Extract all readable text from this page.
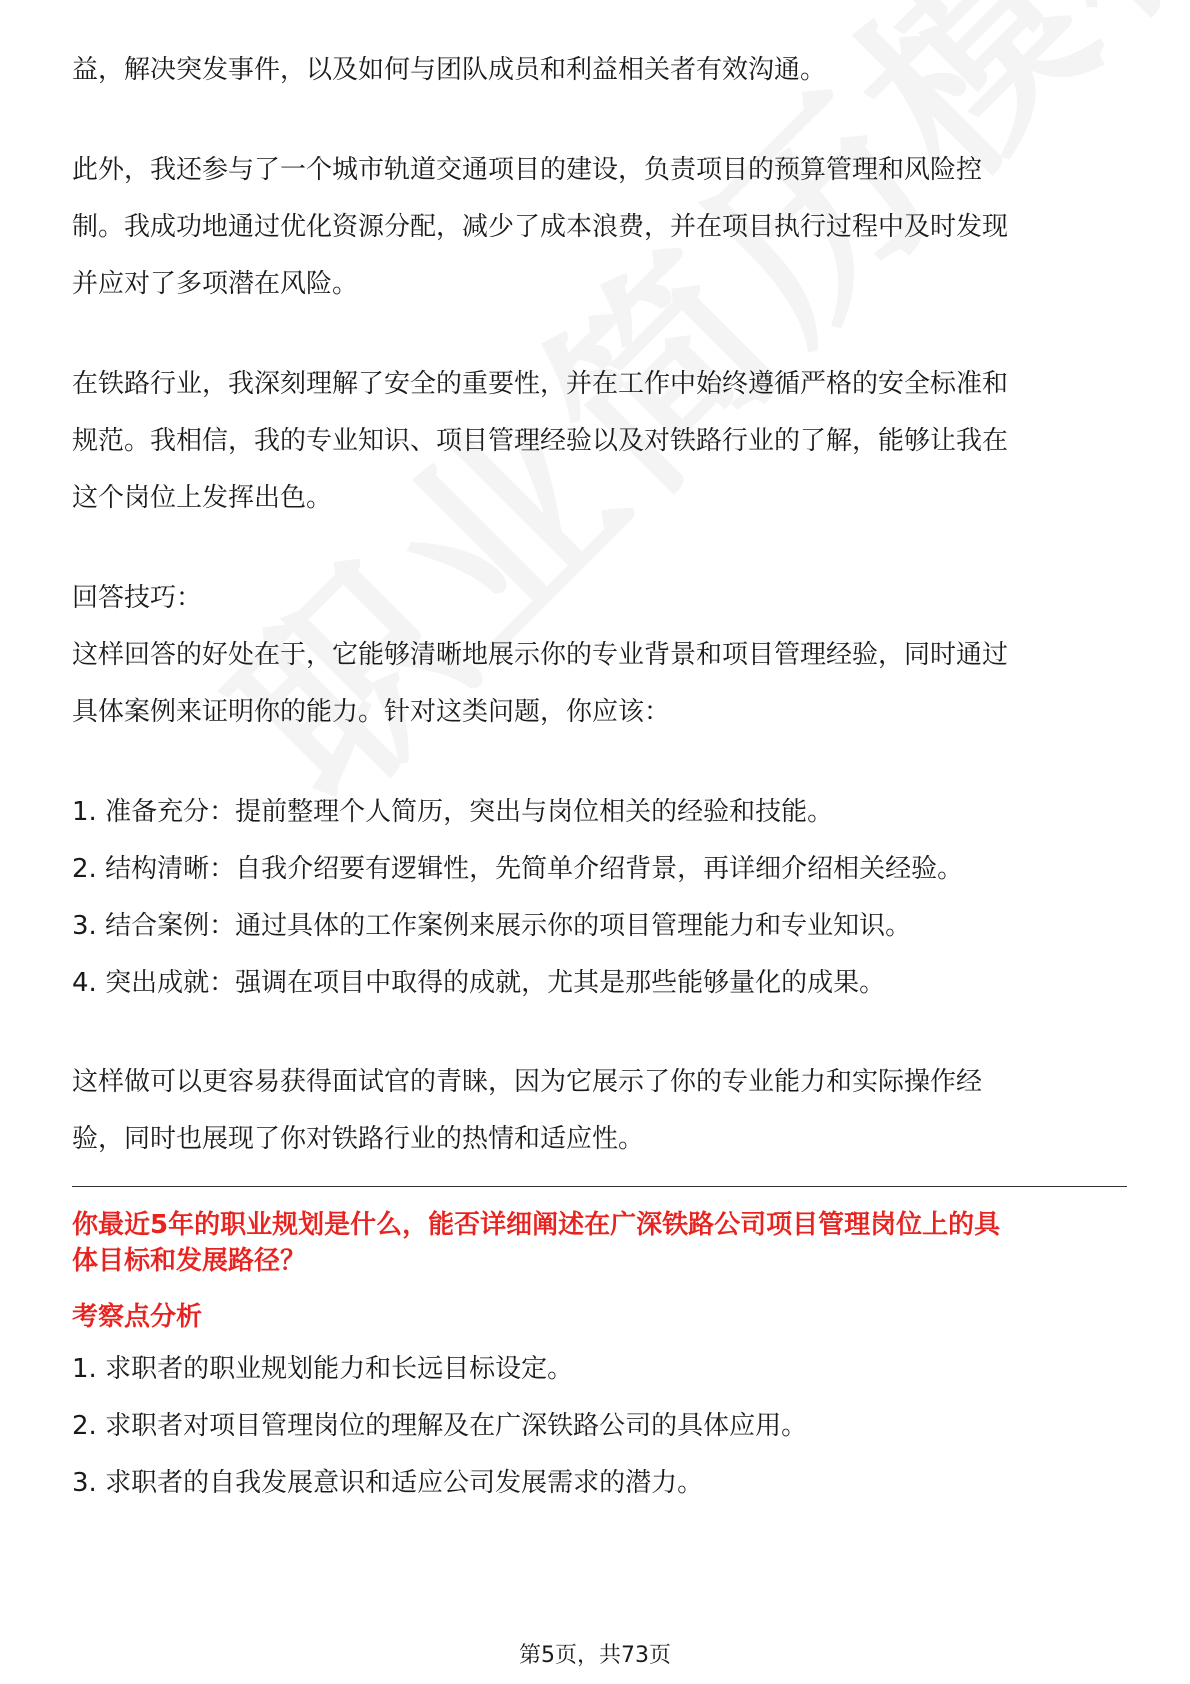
益，解决突发事件，以及如何与团队成员和利益相关者有效沟通。

此外，我还参与了一个城市轨道交通项目的建设，负责项目的预算管理和风险控
制。我成功地通过优化资源分配，减少了成本浪费，并在项目执行过程中及时发现
并应对了多项潜在风险。

在铁路行业，我深刻理解了安全的重要性，并在工作中始终遵循严格的安全标准和
规范。我相信，我的专业知识、项目管理经验以及对铁路行业的了解，能够让我在
这个岗位上发挥出色。

回答技巧：

这样回答的好处在于，它能够清晰地展示你的专业背景和项目管理经验，同时通过
具体案例来证明你的能力。针对这类问题，你应该：

1. 准备充分：提前整理个人简历，突出与岗位相关的经验和技能。

2. 结构清晰：自我介绍要有逻辑性，先简单介绍背景，再详细介绍相关经验。

3. 结合案例：通过具体的工作案例来展示你的项目管理能力和专业知识。

4. 突出成就：强调在项目中取得的成就，尤其是那些能够量化的成果。

这样做可以更容易获得面试官的青睐，因为它展示了你的专业能力和实际操作经
验，同时也展现了你对铁路行业的热情和适应性。

你最近5年的职业规划是什么，能否详细阐述在广深铁路公司项目管理岗位上的具
体目标和发展路径？

考察点分析

1. 求职者的职业规划能力和长远目标设定。

2. 求职者对项目管理岗位的理解及在广深铁路公司的具体应用。

3. 求职者的自我发展意识和适应公司发展需求的潜力。

第5页，共73页
